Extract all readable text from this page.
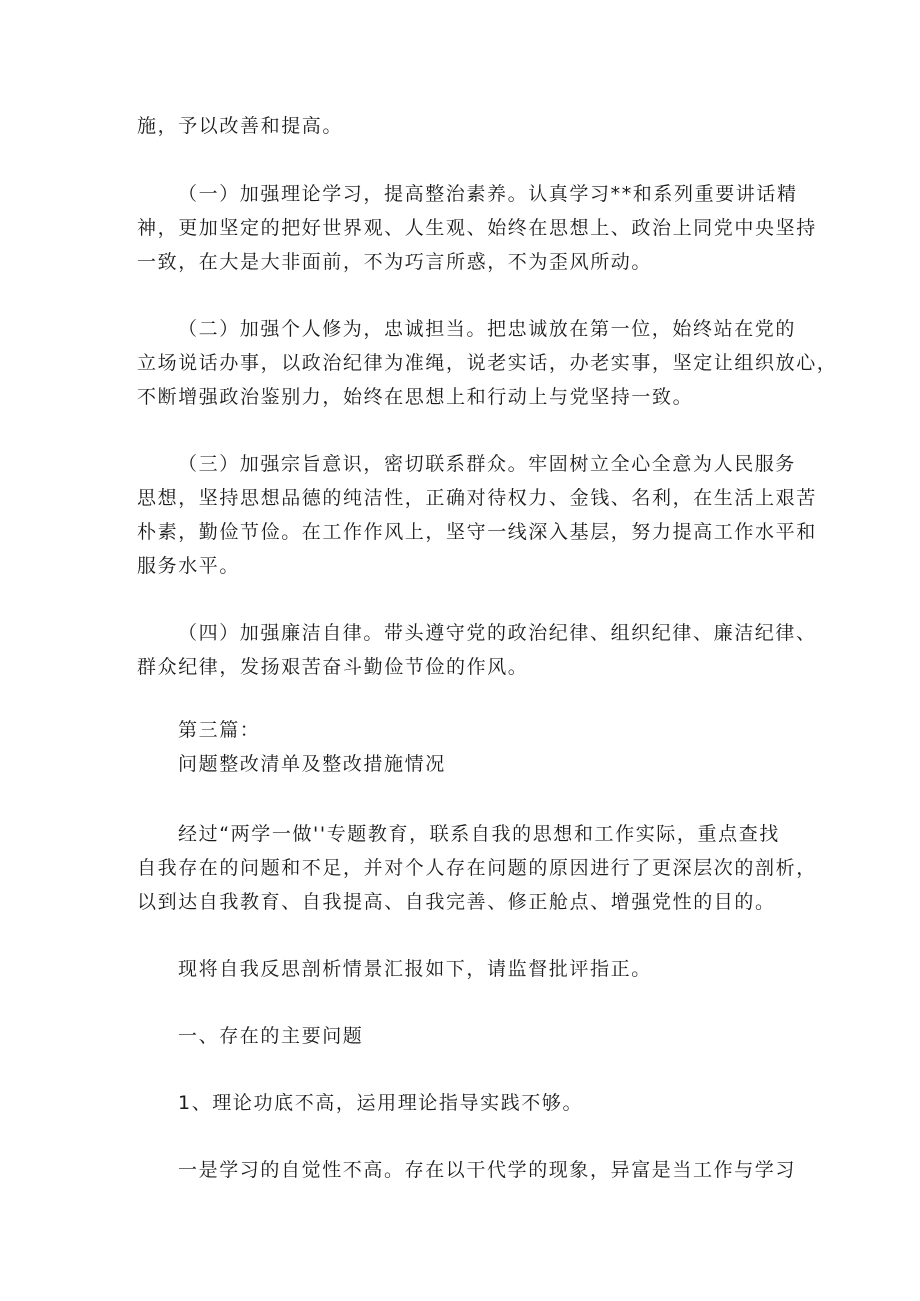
施，予以改善和提高。
（一）加强理论学习，提高整治素养。认真学习**和系列重要讲话精
神，更加坚定的把好世界观、人生观、始终在思想上、政治上同党中央坚持
一致，在大是大非面前，不为巧言所惑，不为歪风所动。
（二）加强个人修为，忠诚担当。把忠诚放在第一位，始终站在党的
立场说话办事，以政治纪律为准绳，说老实话，办老实事，坚定让组织放心，
不断增强政治鉴别力，始终在思想上和行动上与党坚持一致。
（三）加强宗旨意识，密切联系群众。牢固树立全心全意为人民服务
思想，坚持思想品德的纯洁性，正确对待权力、金钱、名利，在生活上艰苦
朴素，勤俭节俭。在工作作风上，坚守一线深入基层，努力提高工作水平和
服务水平。
（四）加强廉洁自律。带头遵守党的政治纪律、组织纪律、廉洁纪律、
群众纪律，发扬艰苦奋斗勤俭节俭的作风。
第三篇：
问题整改清单及整改措施情况
经过“两学一做''专题教育，联系自我的思想和工作实际，重点查找
自我存在的问题和不足，并对个人存在问题的原因进行了更深层次的剖析，
以到达自我教育、自我提高、自我完善、修正舱点、增强党性的目的。
现将自我反思剖析情景汇报如下，请监督批评指正。
一、存在的主要问题
1、理论功底不高，运用理论指导实践不够。
一是学习的自觉性不高。存在以干代学的现象，异富是当工作与学习
